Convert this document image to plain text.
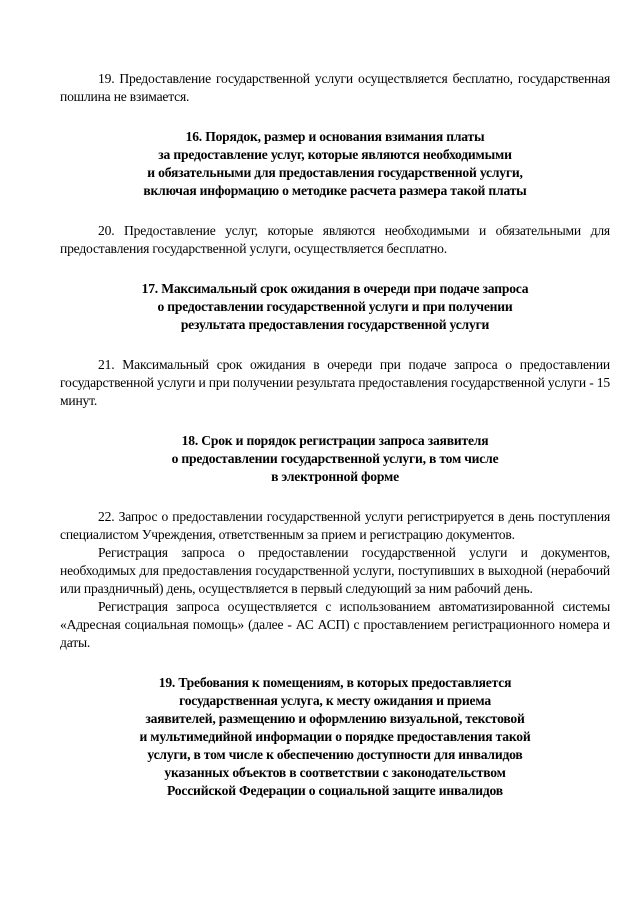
19. Предоставление государственной услуги осуществляется бесплатно, государственная пошлина не взимается.

16. Порядок, размер и основания взимания платы
за предоставление услуг, которые являются необходимыми
и обязательными для предоставления государственной услуги,
включая информацию о методике расчета размера такой платы

20. Предоставление услуг, которые являются необходимыми и обязательными для предоставления государственной услуги, осуществляется бесплатно.

17. Максимальный срок ожидания в очереди при подаче запроса
о предоставлении государственной услуги и при получении
результата предоставления государственной услуги

21. Максимальный срок ожидания в очереди при подаче запроса о предоставлении государственной услуги и при получении результата предоставления государственной услуги - 15 минут.

18. Срок и порядок регистрации запроса заявителя
о предоставлении государственной услуги, в том числе
в электронной форме

22. Запрос о предоставлении государственной услуги регистрируется в день поступления специалистом Учреждения, ответственным за прием и регистрацию документов.

Регистрация запроса о предоставлении государственной услуги и документов, необходимых для предоставления государственной услуги, поступивших в выходной (нерабочий или праздничный) день, осуществляется в первый следующий за ним рабочий день.

Регистрация запроса осуществляется с использованием автоматизированной системы «Адресная социальная помощь» (далее - АС АСП) с проставлением регистрационного номера и даты.

19. Требования к помещениям, в которых предоставляется
государственная услуга, к месту ожидания и приема
заявителей, размещению и оформлению визуальной, текстовой
и мультимедийной информации о порядке предоставления такой
услуги, в том числе к обеспечению доступности для инвалидов
указанных объектов в соответствии с законодательством
Российской Федерации о социальной защите инвалидов
